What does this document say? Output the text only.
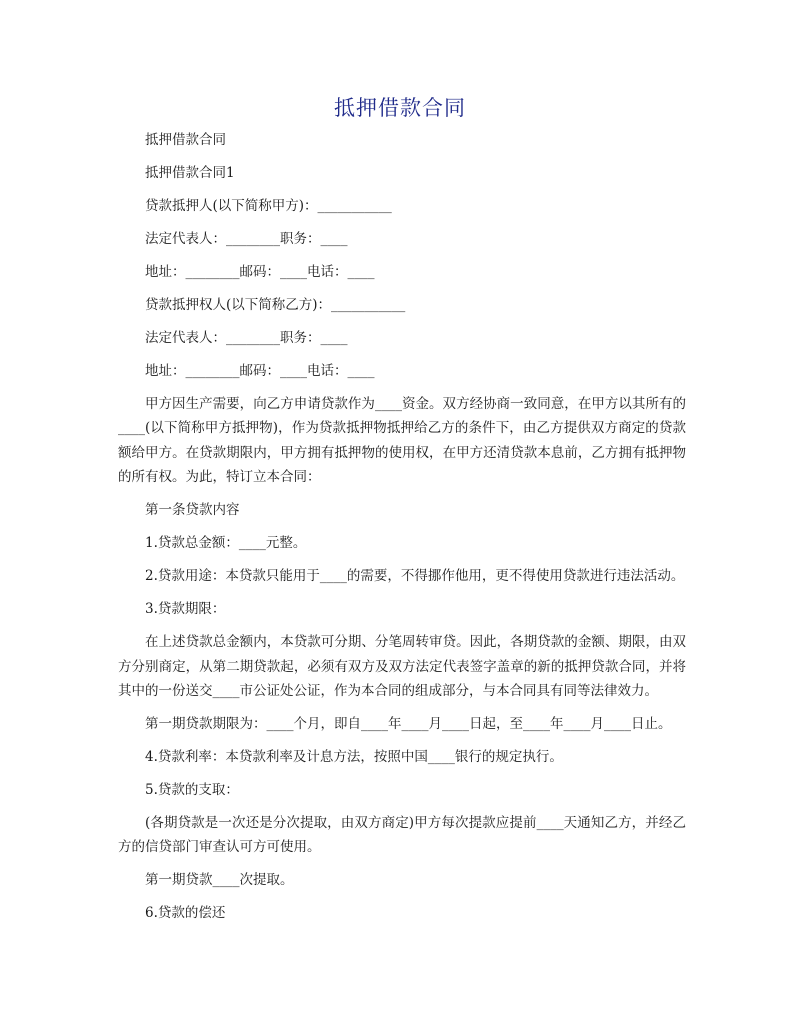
抵押借款合同

抵押借款合同

抵押借款合同1

贷款抵押人(以下简称甲方)：___________

法定代表人：________职务：____

地址：________邮码：____电话：____

贷款抵押权人(以下简称乙方)：___________

法定代表人：________职务：____

地址：________邮码：____电话：____

甲方因生产需要，向乙方申请贷款作为____资金。双方经协商一致同意，在甲方以其所有的____(以下简称甲方抵押物)，作为贷款抵押物抵押给乙方的条件下，由乙方提供双方商定的贷款额给甲方。在贷款期限内，甲方拥有抵押物的使用权，在甲方还清贷款本息前，乙方拥有抵押物的所有权。为此，特订立本合同：

第一条贷款内容

1.贷款总金额：____元整。

2.贷款用途：本贷款只能用于____的需要，不得挪作他用，更不得使用贷款进行违法活动。

3.贷款期限：

在上述贷款总金额内，本贷款可分期、分笔周转审贷。因此，各期贷款的金额、期限，由双方分别商定，从第二期贷款起，必须有双方及双方法定代表签字盖章的新的抵押贷款合同，并将其中的一份送交____市公证处公证，作为本合同的组成部分，与本合同具有同等法律效力。

第一期贷款期限为：____个月，即自____年____月____日起，至____年____月____日止。

4.贷款利率：本贷款利率及计息方法，按照中国____银行的规定执行。

5.贷款的支取：

(各期贷款是一次还是分次提取，由双方商定)甲方每次提款应提前____天通知乙方，并经乙方的信贷部门审查认可方可使用。

第一期贷款____次提取。

6.贷款的偿还
